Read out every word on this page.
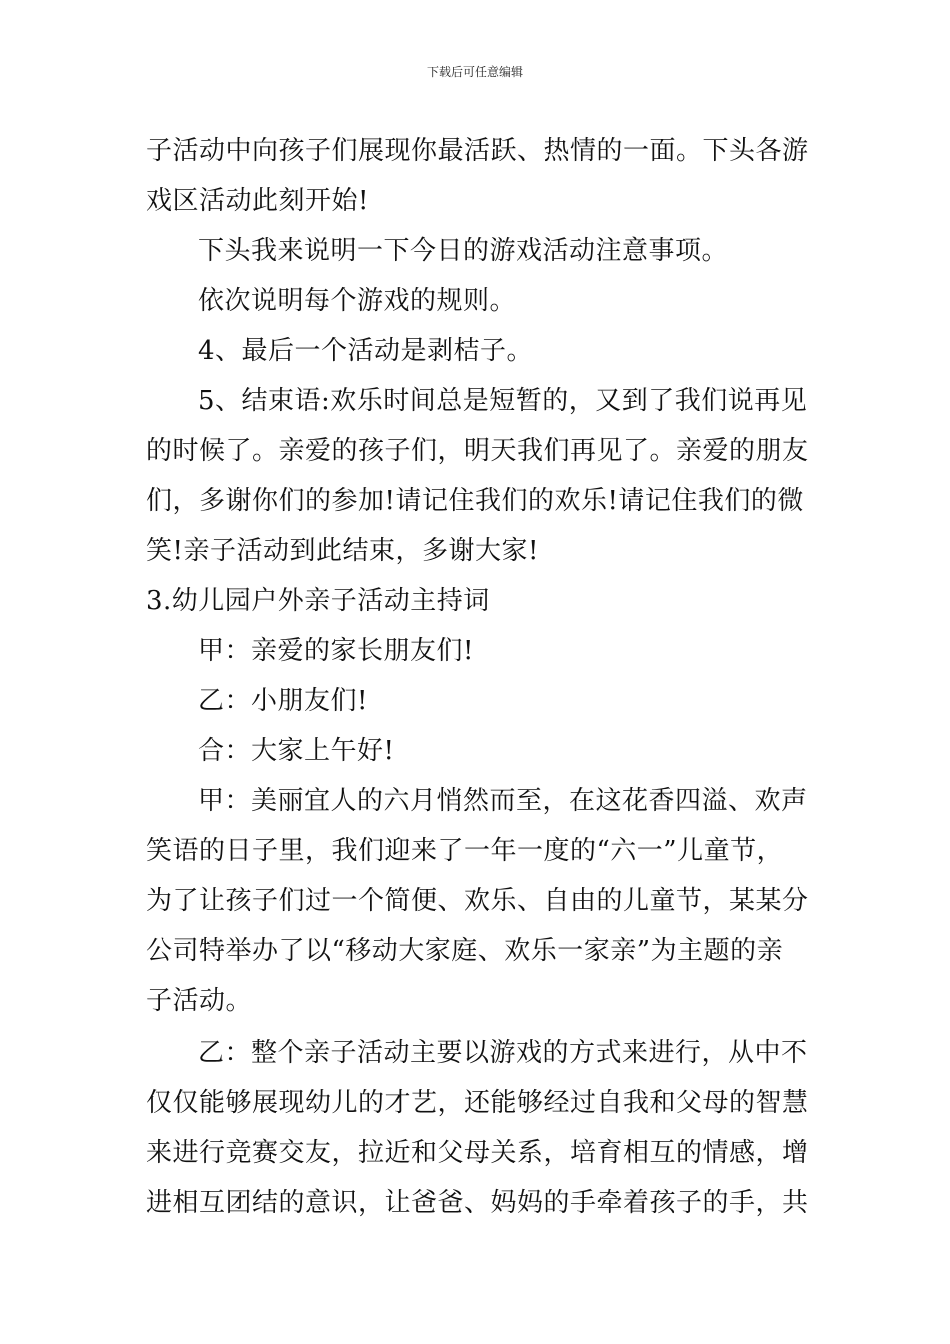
下载后可任意编辑
子活动中向孩子们展现你最活跃、热情的一面。下头各游
戏区活动此刻开始!
下头我来说明一下今日的游戏活动注意事项。
依次说明每个游戏的规则。
4、最后一个活动是剥桔子。
5、结束语:欢乐时间总是短暂的，又到了我们说再见
的时候了。亲爱的孩子们，明天我们再见了。亲爱的朋友
们，多谢你们的参加!请记住我们的欢乐!请记住我们的微
笑!亲子活动到此结束，多谢大家!
3.幼儿园户外亲子活动主持词
甲：亲爱的家长朋友们!
乙：小朋友们!
合：大家上午好!
甲：美丽宜人的六月悄然而至，在这花香四溢、欢声
笑语的日子里，我们迎来了一年一度的“六一”儿童节，
为了让孩子们过一个简便、欢乐、自由的儿童节，某某分
公司特举办了以“移动大家庭、欢乐一家亲”为主题的亲
子活动。
乙：整个亲子活动主要以游戏的方式来进行，从中不
仅仅能够展现幼儿的才艺，还能够经过自我和父母的智慧
来进行竞赛交友，拉近和父母关系，培育相互的情感，增
进相互团结的意识，让爸爸、妈妈的手牵着孩子的手，共
